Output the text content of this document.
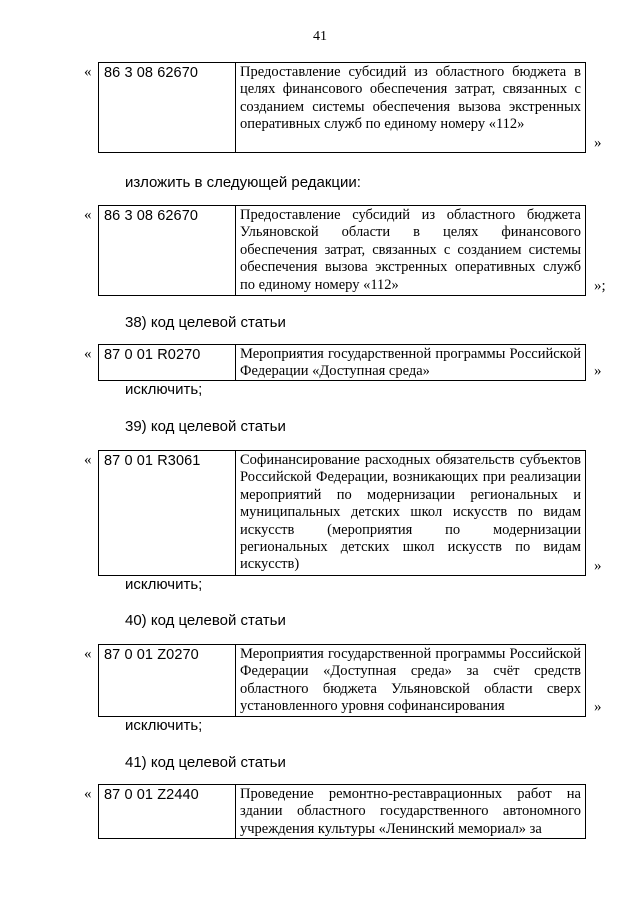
41
« 86 3 08 62670	Предоставление субсидий из областного бюджета в целях финансового обеспечения затрат, связанных с созданием системы обеспечения вызова экстренных оперативных служб по единому номеру «112»
»
изложить в следующей редакции:
« 86 3 08 62670	Предоставление субсидий из областного бюджета Ульяновской области в целях финансового обеспечения затрат, связанных с созданием системы обеспечения вызова экстренных оперативных служб по единому номеру «112»	»;
38) код целевой статьи
« 87 0 01 R0270	Мероприятия государственной программы Российской Федерации «Доступная среда»	»
исключить;
39) код целевой статьи
« 87 0 01 R3061	Софинансирование расходных обязательств субъектов Российской Федерации, возникающих при реализации мероприятий по модернизации региональных и муниципальных детских школ искусств по видам искусств (мероприятия по модернизации региональных детских школ искусств по видам искусств)	»
исключить;
40) код целевой статьи
« 87 0 01 Z0270	Мероприятия государственной программы Российской Федерации «Доступная среда» за счёт средств областного бюджета Ульяновской области сверх установленного уровня софинансирования	»
исключить;
41) код целевой статьи
« 87 0 01 Z2440	Проведение ремонтно-реставрационных работ на здании областного государственного автономного учреждения культуры «Ленинский мемориал» за
